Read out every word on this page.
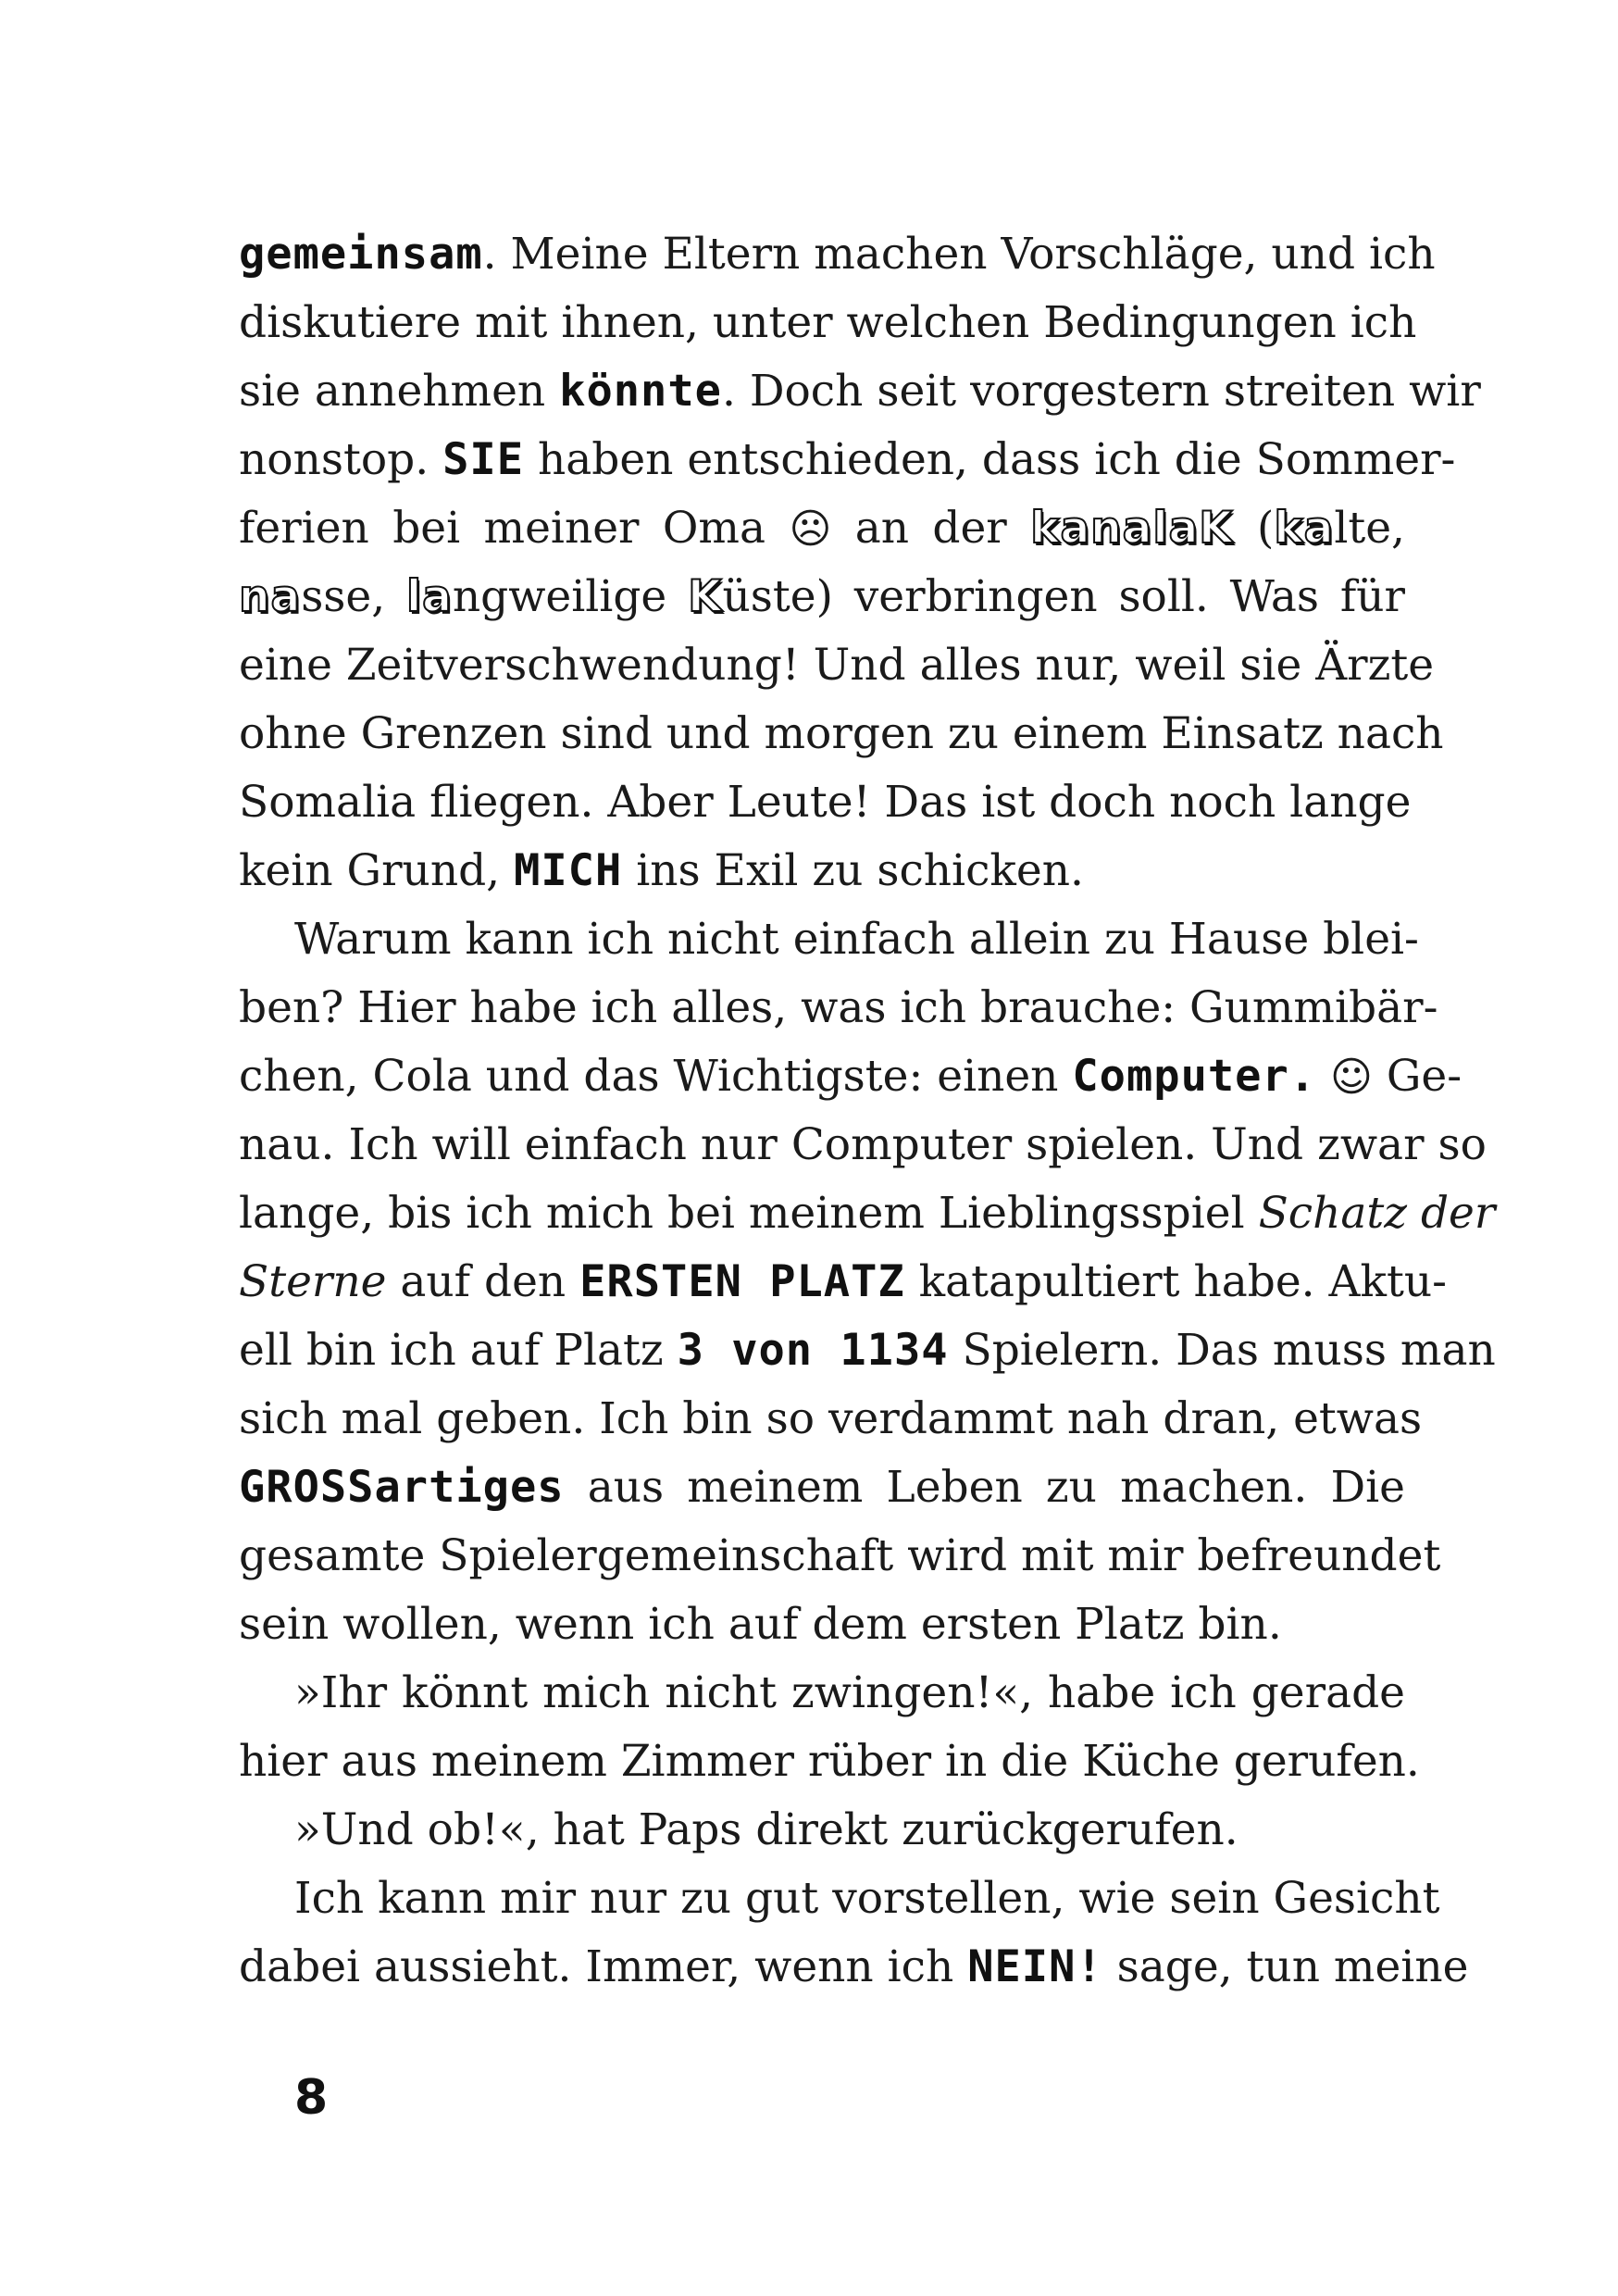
gemeinsam. Meine Eltern machen Vorschläge, und ich
diskutiere mit ihnen, unter welchen Bedingungen ich
sie annehmen könnte. Doch seit vorgestern streiten wir
nonstop. SIE haben entschieden, dass ich die Sommer-
ferien bei meiner Oma ☹ an der kanalaK (kalte,
nasse, langweilige Küste) verbringen soll. Was für
eine Zeitverschwendung! Und alles nur, weil sie Ärzte
ohne Grenzen sind und morgen zu einem Einsatz nach
Somalia fliegen. Aber Leute! Das ist doch noch lange
kein Grund, MICH ins Exil zu schicken.
Warum kann ich nicht einfach allein zu Hause blei-
ben? Hier habe ich alles, was ich brauche: Gummibär-
chen, Cola und das Wichtigste: einen Computer. ☺ Ge-
nau. Ich will einfach nur Computer spielen. Und zwar so
lange, bis ich mich bei meinem Lieblingsspiel Schatz der
Sterne auf den ERSTEN PLATZ katapultiert habe. Aktu-
ell bin ich auf Platz 3 von 1134 Spielern. Das muss man
sich mal geben. Ich bin so verdammt nah dran, etwas
GROSSartiges aus meinem Leben zu machen. Die
gesamte Spielergemeinschaft wird mit mir befreundet
sein wollen, wenn ich auf dem ersten Platz bin.
»Ihr könnt mich nicht zwingen!«, habe ich gerade
hier aus meinem Zimmer rüber in die Küche gerufen.
»Und ob!«, hat Paps direkt zurückgerufen.
Ich kann mir nur zu gut vorstellen, wie sein Gesicht
dabei aussieht. Immer, wenn ich NEIN! sage, tun meine
8
